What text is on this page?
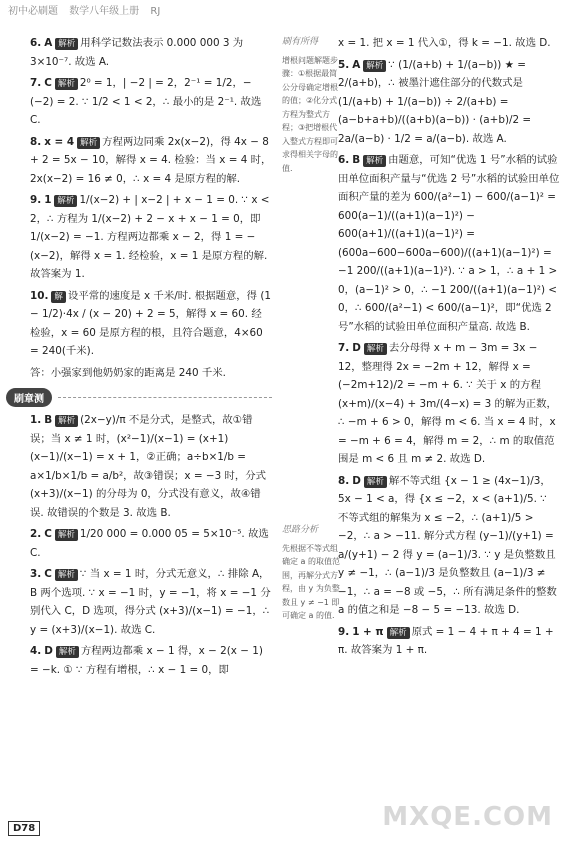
初中必刷题 数学八年级上册 RJ

6. A 解析 用科学记数法表示 0.000 000 3 为 3×10⁻⁷. 故选 A.

7. C 解析 2⁰ = 1，| −2 | = 2，2⁻¹ = 1/2，−(−2) = 2. ∵ 1/2 < 1 < 2，∴ 最小的是 2⁻¹. 故选 C.

8. x = 4 解析 方程两边同乘 2x(x−2)，得 4x − 8 + 2 = 5x − 10，解得 x = 4. 检验：当 x = 4 时，2x(x−2) = 16 ≠ 0，∴ x = 4 是原方程的解.

9. 1 解析 1/(x−2) + | x−2 | + x − 1 = 0. ∵ x < 2，∴ 方程为 1/(x−2) + 2 − x + x − 1 = 0，即 1/(x−2) = −1. 方程两边都乘 x − 2，得 1 = −(x−2)，解得 x = 1. 经检验，x = 1 是原方程的解. 故答案为 1.

10. 解 设平常的速度是 x 千米/时. 根据题意，得 (1 − 1/2)·4x / (x − 20) + 2 = 5，解得 x = 60. 经检验，x = 60 是原方程的根，且符合题意，4×60 = 240(千米).

答：小强家到他奶奶家的距离是 240 千米.

刷章测

1. B 解析 (2x−y)/π 不是分式，是整式，故①错误；当 x ≠ 1 时，(x²−1)/(x−1) = (x+1)(x−1)/(x−1) = x + 1，②正确；a÷b×1/b = a×1/b×1/b = a/b²，故③错误；x = −3 时，分式 (x+3)/(x−1) 的分母为 0，分式没有意义，故④错误. 故错误的个数是 3. 故选 B.

2. C 解析 1/20 000 = 0.000 05 = 5×10⁻⁵. 故选 C.

3. C 解析 ∵ 当 x = 1 时，分式无意义，∴ 排除 A，B 两个选项. ∵ x = −1 时，y = −1，将 x = −1 分别代入 C，D 选项，得分式 (x+3)/(x−1) = −1，∴ y = (x+3)/(x−1). 故选 C.

4. D 解析 方程两边都乘 x − 1 得，x − 2(x − 1) = −k. ① ∵ 方程有增根，∴ x − 1 = 0，即

刷有所得
增根问题解题步骤：①根据最简公分母确定增根的值；②化分式方程为整式方程；③把增根代入整式方程即可求得相关字母的值.
思路分析
先根据不等式组确定 a 的取值范围，再解分式方程，由 y 为负整数且 y ≠ −1 即可确定 a 的值.

x = 1. 把 x = 1 代入①，得 k = −1. 故选 D.

5. A 解析 ∵ (1/(a+b) + 1/(a−b)) ★ = 2/(a+b)，∴ 被墨汁遮住部分的代数式是 (1/(a+b) + 1/(a−b)) ÷ 2/(a+b) = (a−b+a+b)/((a+b)(a−b)) · (a+b)/2 = 2a/(a−b) · 1/2 = a/(a−b). 故选 A.

6. B 解析 由题意，可知“优选 1 号”水稻的试验田单位面积产量与“优选 2 号”水稻的试验田单位面积产量的差为 600/(a²−1) − 600/(a−1)² = 600(a−1)/((a+1)(a−1)²) − 600(a+1)/((a+1)(a−1)²) = (600a−600−600a−600)/((a+1)(a−1)²) = −1 200/((a+1)(a−1)²). ∵ a > 1，∴ a + 1 > 0，(a−1)² > 0，∴ −1 200/((a+1)(a−1)²) < 0，∴ 600/(a²−1) < 600/(a−1)²，即“优选 2 号”水稻的试验田单位面积产量高. 故选 B.

7. D 解析 去分母得 x + m − 3m = 3x − 12，整理得 2x = −2m + 12，解得 x = (−2m+12)/2 = −m + 6. ∵ 关于 x 的方程 (x+m)/(x−4) + 3m/(4−x) = 3 的解为正数，∴ −m + 6 > 0，解得 m < 6. 当 x = 4 时，x = −m + 6 = 4，解得 m = 2，∴ m 的取值范围是 m < 6 且 m ≠ 2. 故选 D.

8. D 解析 解不等式组 {x − 1 ≥ (4x−1)/3，5x − 1 < a，得 {x ≤ −2，x < (a+1)/5. ∵ 不等式组的解集为 x ≤ −2，∴ (a+1)/5 > −2，∴ a > −11. 解分式方程 (y−1)/(y+1) = a/(y+1) − 2 得 y = (a−1)/3. ∵ y 是负整数且 y ≠ −1，∴ (a−1)/3 是负整数且 (a−1)/3 ≠ −1，∴ a = −8 或 −5，∴ 所有满足条件的整数 a 的值之和是 −8 − 5 = −13. 故选 D.

9. 1 + π 解析 原式 = 1 − 4 + π + 4 = 1 + π. 故答案为 1 + π.

D78	MXQE.COM
